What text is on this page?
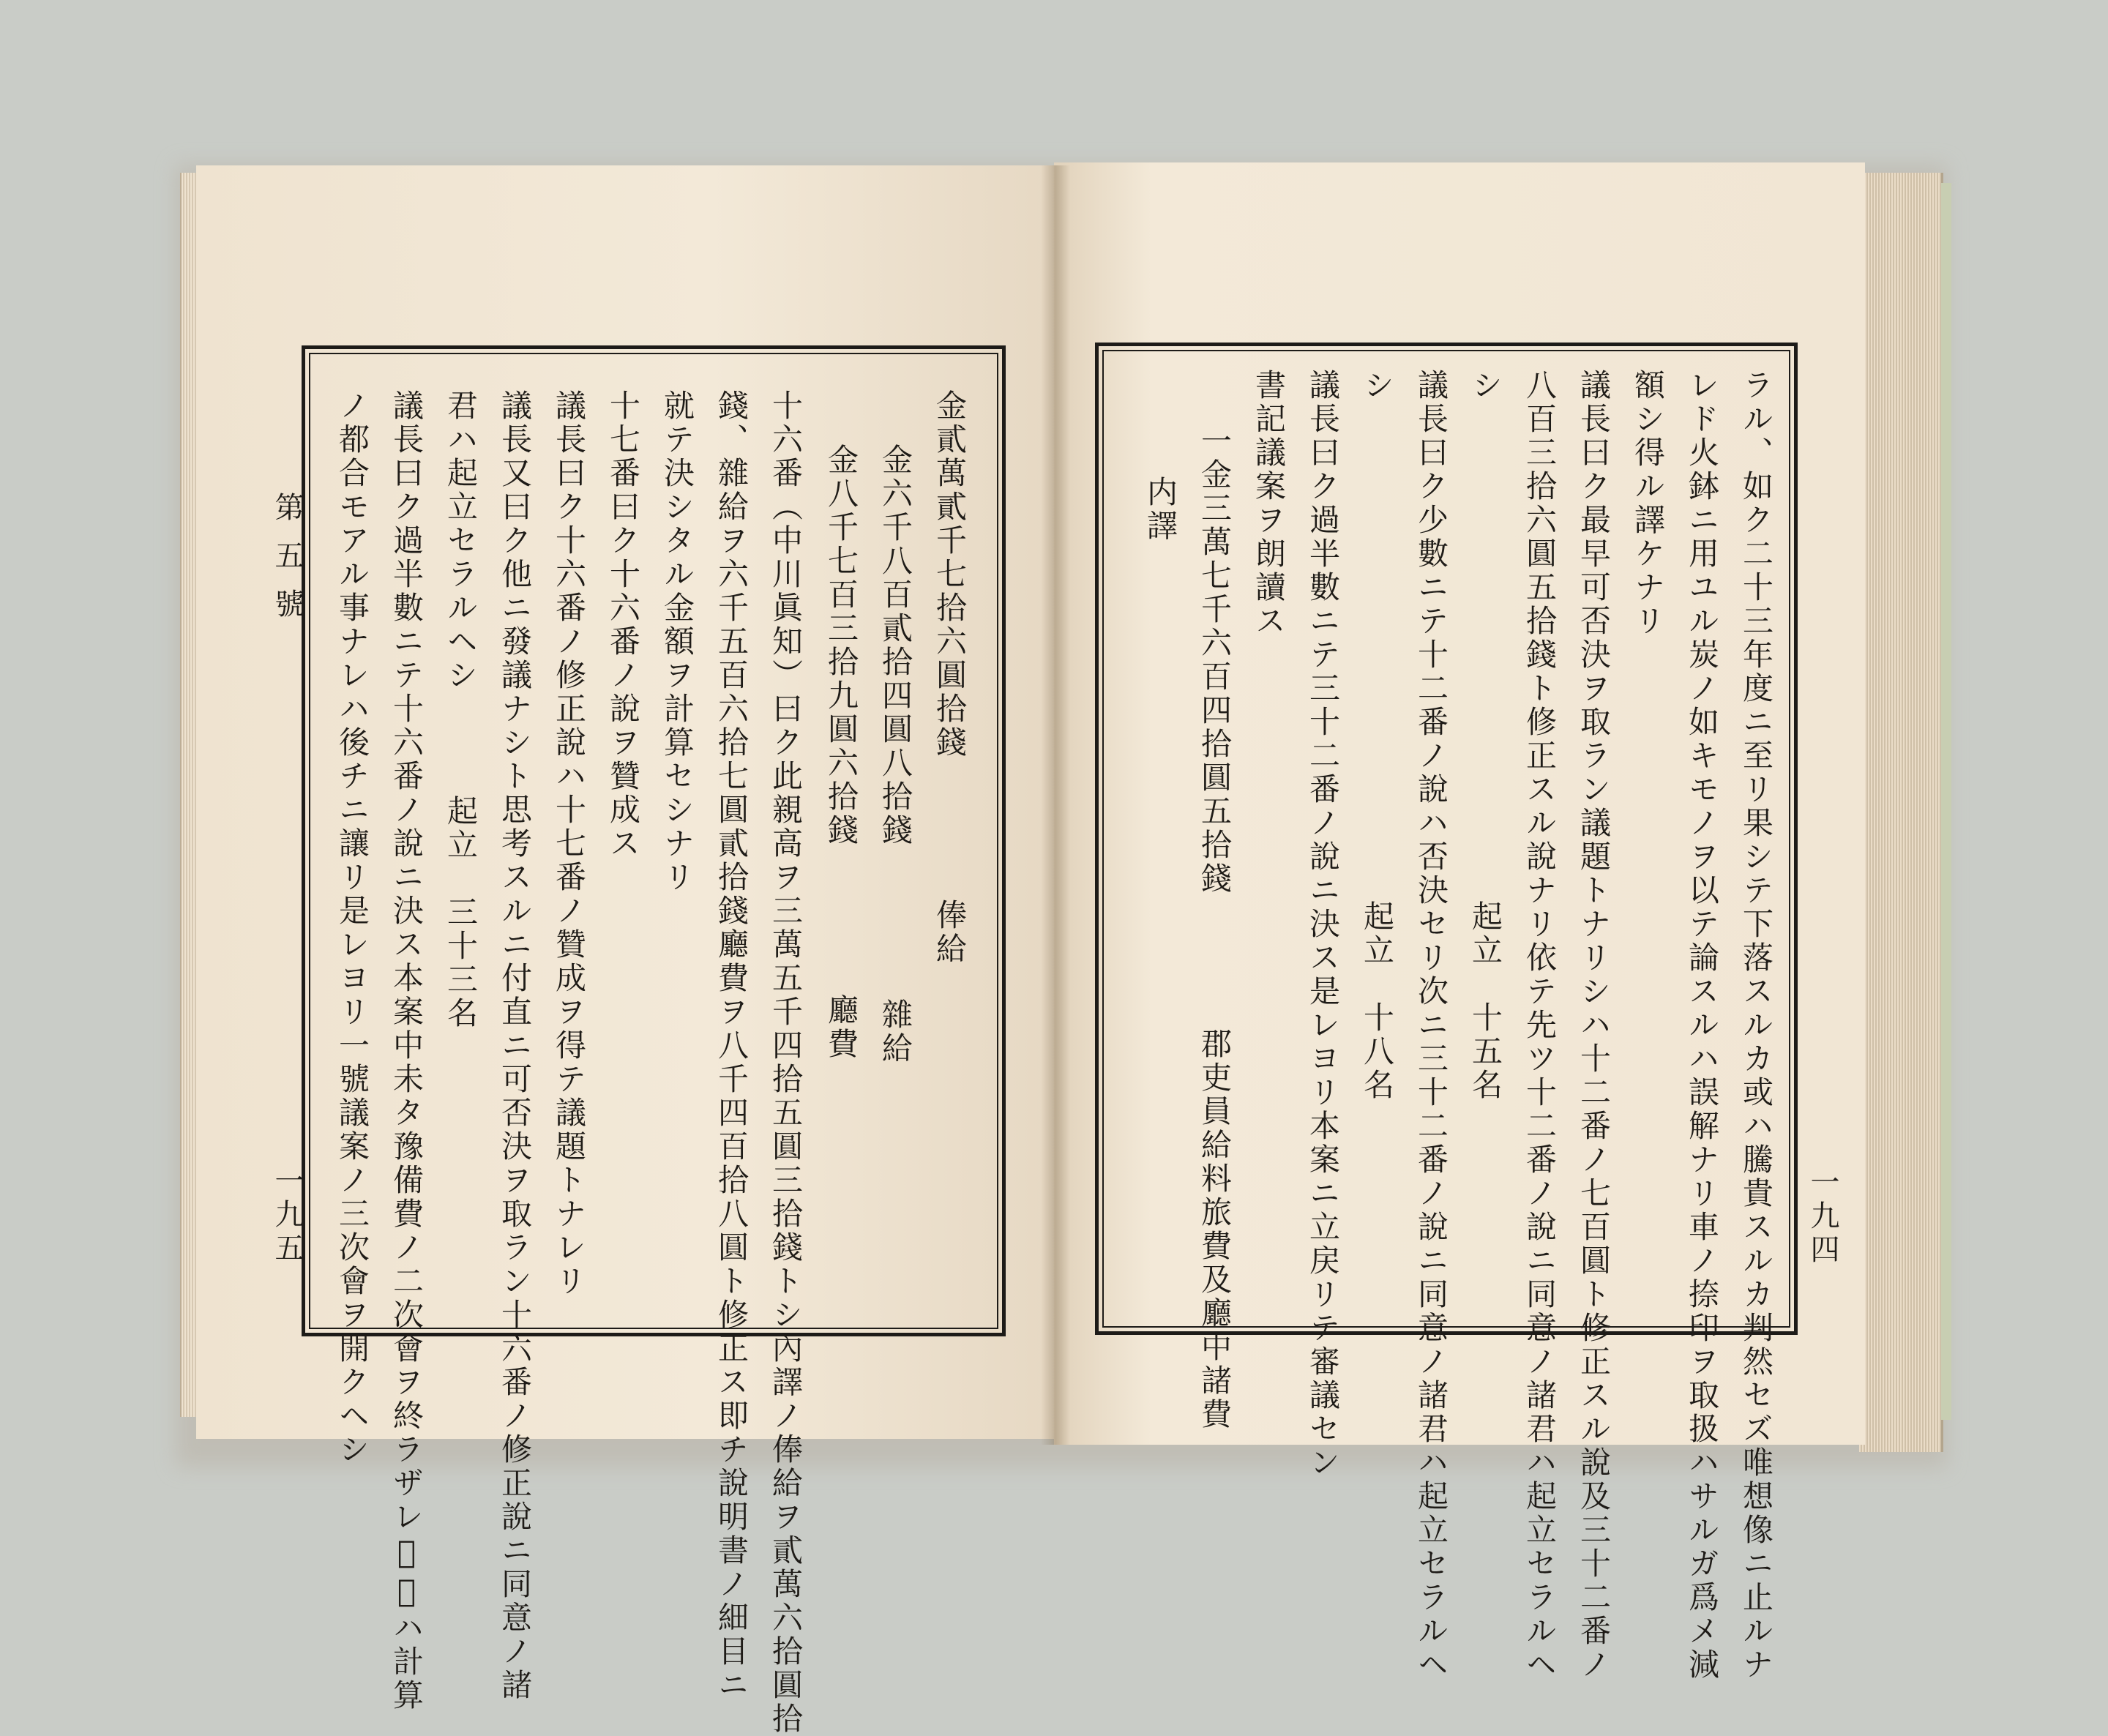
金貳萬貳千七拾六圓拾錢俸給
金六千八百貳拾四圓八拾錢雜給
金八千七百三拾九圓六拾錢廳費
十六番（中川眞知）曰ク此親高ヲ三萬五千四拾五圓三拾錢トシ內譯ノ俸給ヲ貳萬六拾圓拾
錢、雜給ヲ六千五百六拾七圓貳拾錢廳費ヲ八千四百拾八圓ト修正ス即チ說明書ノ細目ニ
就テ決シタル金額ヲ計算セシナリ
十七番曰ク十六番ノ說ヲ贊成ス
議長曰ク十六番ノ修正說ハ十七番ノ贊成ヲ得テ議題トナレリ
議長又曰ク他ニ發議ナシト思考スルニ付直ニ可否決ヲ取ラン十六番ノ修正說ニ同意ノ諸
君ハ起立セラルヘシ起立　三十三名
議長曰ク過半數ニテ十六番ノ說ニ決ス本案中未タ豫備費ノ二次會ヲ終ラザレ𪜈此ハ計算
ノ都合モアル事ナレハ後チニ讓リ是レヨリ一號議案ノ三次會ヲ開クヘシ
第五號
一九五	ラル、如ク二十三年度ニ至リ果シテ下落スルカ或ハ騰貴スルカ判然セズ唯想像ニ止ルナ
レド火鉢ニ用ユル炭ノ如キモノヲ以テ論スルハ誤解ナリ車ノ捺印ヲ取扱ハサルガ爲メ減
額シ得ル譯ケナリ
議長曰ク最早可否決ヲ取ラン議題トナリシハ十二番ノ七百圓ト修正スル說及三十二番ノ
八百三拾六圓五拾錢ト修正スル說ナリ依テ先ツ十二番ノ說ニ同意ノ諸君ハ起立セラルヘ
シ起立　十五名
議長曰ク少數ニテ十二番ノ說ハ否決セリ次ニ三十二番ノ說ニ同意ノ諸君ハ起立セラルヘ
シ起立　十八名
議長曰ク過半數ニテ三十二番ノ說ニ決ス是レヨリ本案ニ立戻リテ審議セン
書記議案ヲ朗讀ス
一金三萬七千六百四拾圓五拾錢郡吏員給料旅費及廳中諸費
内譯
一九四
